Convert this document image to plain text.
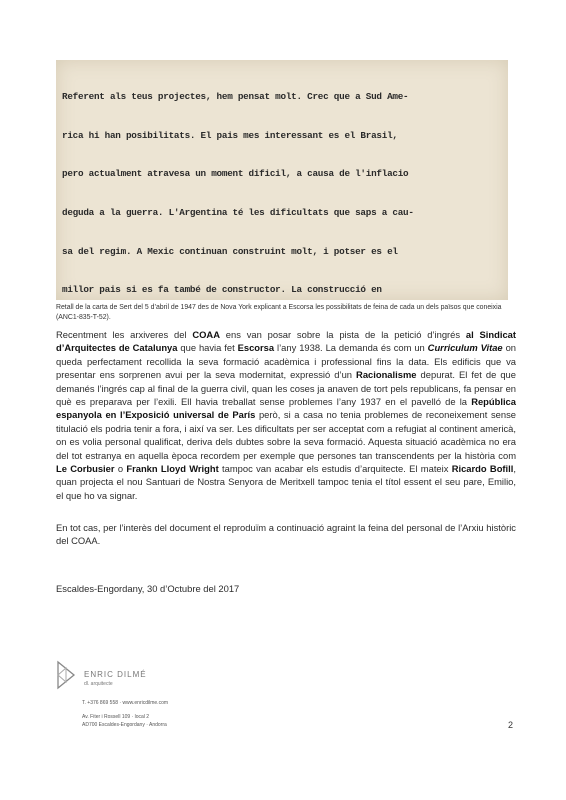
Referent als teus projectes, hem pensat molt. Crec que a Sud Ame-

rica hi han posibilitats. El pais mes interessant es el Brasil,

pero actualment atravesa un moment dificil, a causa de l'inflacio

deguda a la guerra. L'Argentina té les dificultats que saps a cau-

sa del regim. A Mexic continuan construint molt, i potser es el

millor pais si es fa també de constructor. La construcció en

Retall de la carta de Sert del 5 d’abril de 1947 des de Nova York explicant a Escorsa les possibilitats de feina de cada un dels països que coneixia (ANC1-835-T-52).

Recentment les arxiveres del COAA ens van posar sobre la pista de la petició d’ingrés al Sindicat d’Arquitectes de Catalunya que havia fet Escorsa l’any 1938. La demanda és com un Curriculum Vitae on queda perfectament recollida la seva formació acadèmica i professional fins la data. Els edificis que va presentar ens sorprenen avui per la seva modernitat, expressió d’un Racionalisme depurat. El fet de que demanés l’ingrés cap al final de la guerra civil, quan les coses ja anaven de tort pels republicans, fa pensar en què es preparava per l’exili. Ell havia treballat sense problemes l’any 1937 en el pavelló de la República espanyola en l’Exposició universal de París però, si a casa no tenia problemes de reconeixement sense titulació els podria tenir a fora, i així va ser. Les dificultats per ser acceptat com a refugiat al continent americà, on es volia personal qualificat, deriva dels dubtes sobre la seva formació. Aquesta situació acadèmica no era del tot estranya en aquella època recordem per exemple que persones tan transcendents per la història com Le Corbusier o Frankn Lloyd Wright tampoc van acabar els estudis d’arquitecte. El mateix Ricardo Bofill, quan projecta el nou Santuari de Nostra Senyora de Meritxell tampoc tenia el títol essent el seu pare, Emilio, el que ho va signar.

En tot cas, per l’interès del document el reproduïm a continuació agraint la feina del personal de l’Arxiu històric del COAA.

Escaldes-Engordany, 30 d’Octubre del 2017
ENRIC DILMÉ
dl. arquitecte
T. +376 869 558 · www.enricdilme.com
Av. Fiter i Rossell 109 · local 2
AD700 Escaldes-Engordany · Andorra	2
